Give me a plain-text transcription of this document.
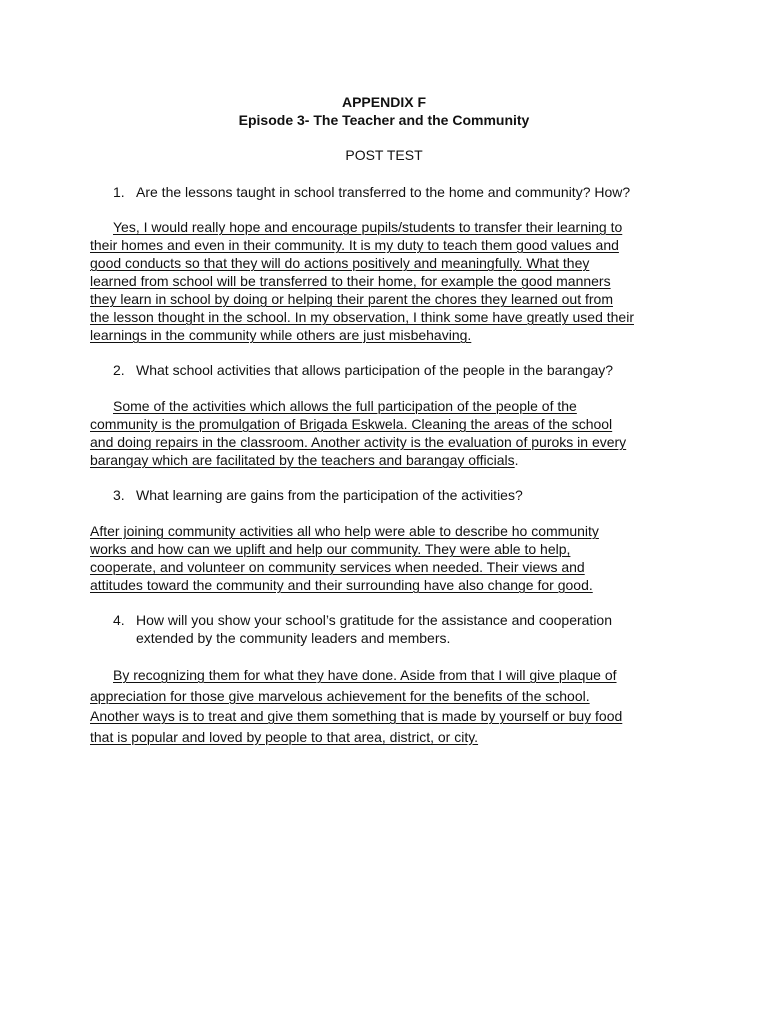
APPENDIX F

Episode 3- The Teacher and the Community

POST TEST

1. Are the lessons taught in school transferred to the home and community? How?

Yes, I would really hope and encourage pupils/students to transfer their learning to
their homes and even in their community. It is my duty to teach them good values and
good conducts so that they will do actions positively and meaningfully. What they
learned from school will be transferred to their home, for example the good manners
they learn in school by doing or helping their parent the chores they learned out from
the lesson thought in the school. In my observation, I think some have greatly used their
learnings in the community while others are just misbehaving.

2. What school activities that allows participation of the people in the barangay?

Some of the activities which allows the full participation of the people of the
community is the promulgation of Brigada Eskwela. Cleaning the areas of the school
and doing repairs in the classroom. Another activity is the evaluation of puroks in every
barangay which are facilitated by the teachers and barangay officials.

3. What learning are gains from the participation of the activities?

After joining community activities all who help were able to describe ho community
works and how can we uplift and help our community. They were able to help,
cooperate, and volunteer on community services when needed. Their views and
attitudes toward the community and their surrounding have also change for good.

4. How will you show your school’s gratitude for the assistance and cooperation
extended by the community leaders and members.

By recognizing them for what they have done. Aside from that I will give plaque of
appreciation for those give marvelous achievement for the benefits of the school.
Another ways is to treat and give them something that is made by yourself or buy food
that is popular and loved by people to that area, district, or city.
